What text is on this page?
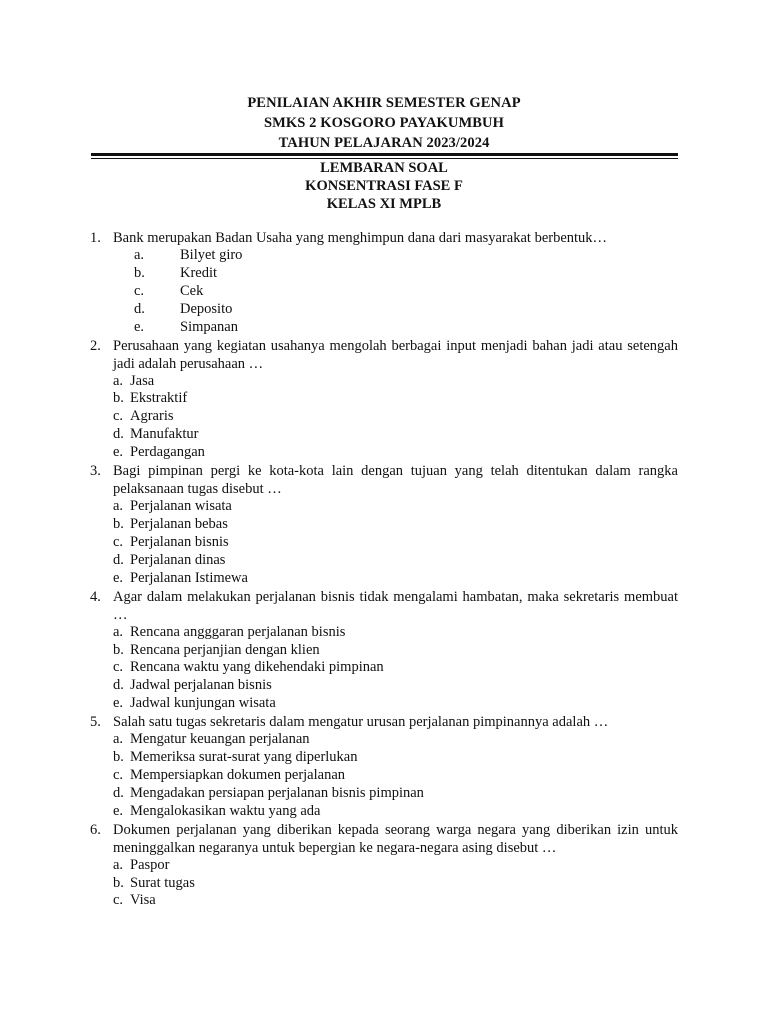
PENILAIAN AKHIR SEMESTER GENAP
SMKS 2 KOSGORO PAYAKUMBUH
TAHUN PELAJARAN 2023/2024
LEMBARAN SOAL
KONSENTRASI FASE F
KELAS XI MPLB
1. Bank merupakan Badan Usaha yang menghimpun dana dari masyarakat berbentuk…
a. Bilyet giro
b. Kredit
c. Cek
d. Deposito
e. Simpanan
2. Perusahaan yang kegiatan usahanya mengolah berbagai input menjadi bahan jadi atau setengah jadi adalah perusahaan …
a. Jasa
b. Ekstraktif
c. Agraris
d. Manufaktur
e. Perdagangan
3. Bagi pimpinan pergi ke kota-kota lain dengan tujuan yang telah ditentukan dalam rangka pelaksanaan tugas disebut …
a. Perjalanan wisata
b. Perjalanan bebas
c. Perjalanan bisnis
d. Perjalanan dinas
e. Perjalanan Istimewa
4. Agar dalam melakukan perjalanan bisnis tidak mengalami hambatan, maka sekretaris membuat …
a. Rencana angggaran perjalanan bisnis
b. Rencana perjanjian dengan klien
c. Rencana waktu yang dikehendaki pimpinan
d. Jadwal perjalanan bisnis
e. Jadwal kunjungan wisata
5. Salah satu tugas sekretaris dalam mengatur urusan perjalanan pimpinannya adalah …
a. Mengatur keuangan perjalanan
b. Memeriksa surat-surat yang diperlukan
c. Mempersiapkan dokumen perjalanan
d. Mengadakan persiapan perjalanan bisnis pimpinan
e. Mengalokasikan waktu yang ada
6. Dokumen perjalanan yang diberikan kepada seorang warga negara yang diberikan izin untuk meninggalkan negaranya untuk bepergian ke negara-negara asing disebut …
a. Paspor
b. Surat tugas
c. Visa
